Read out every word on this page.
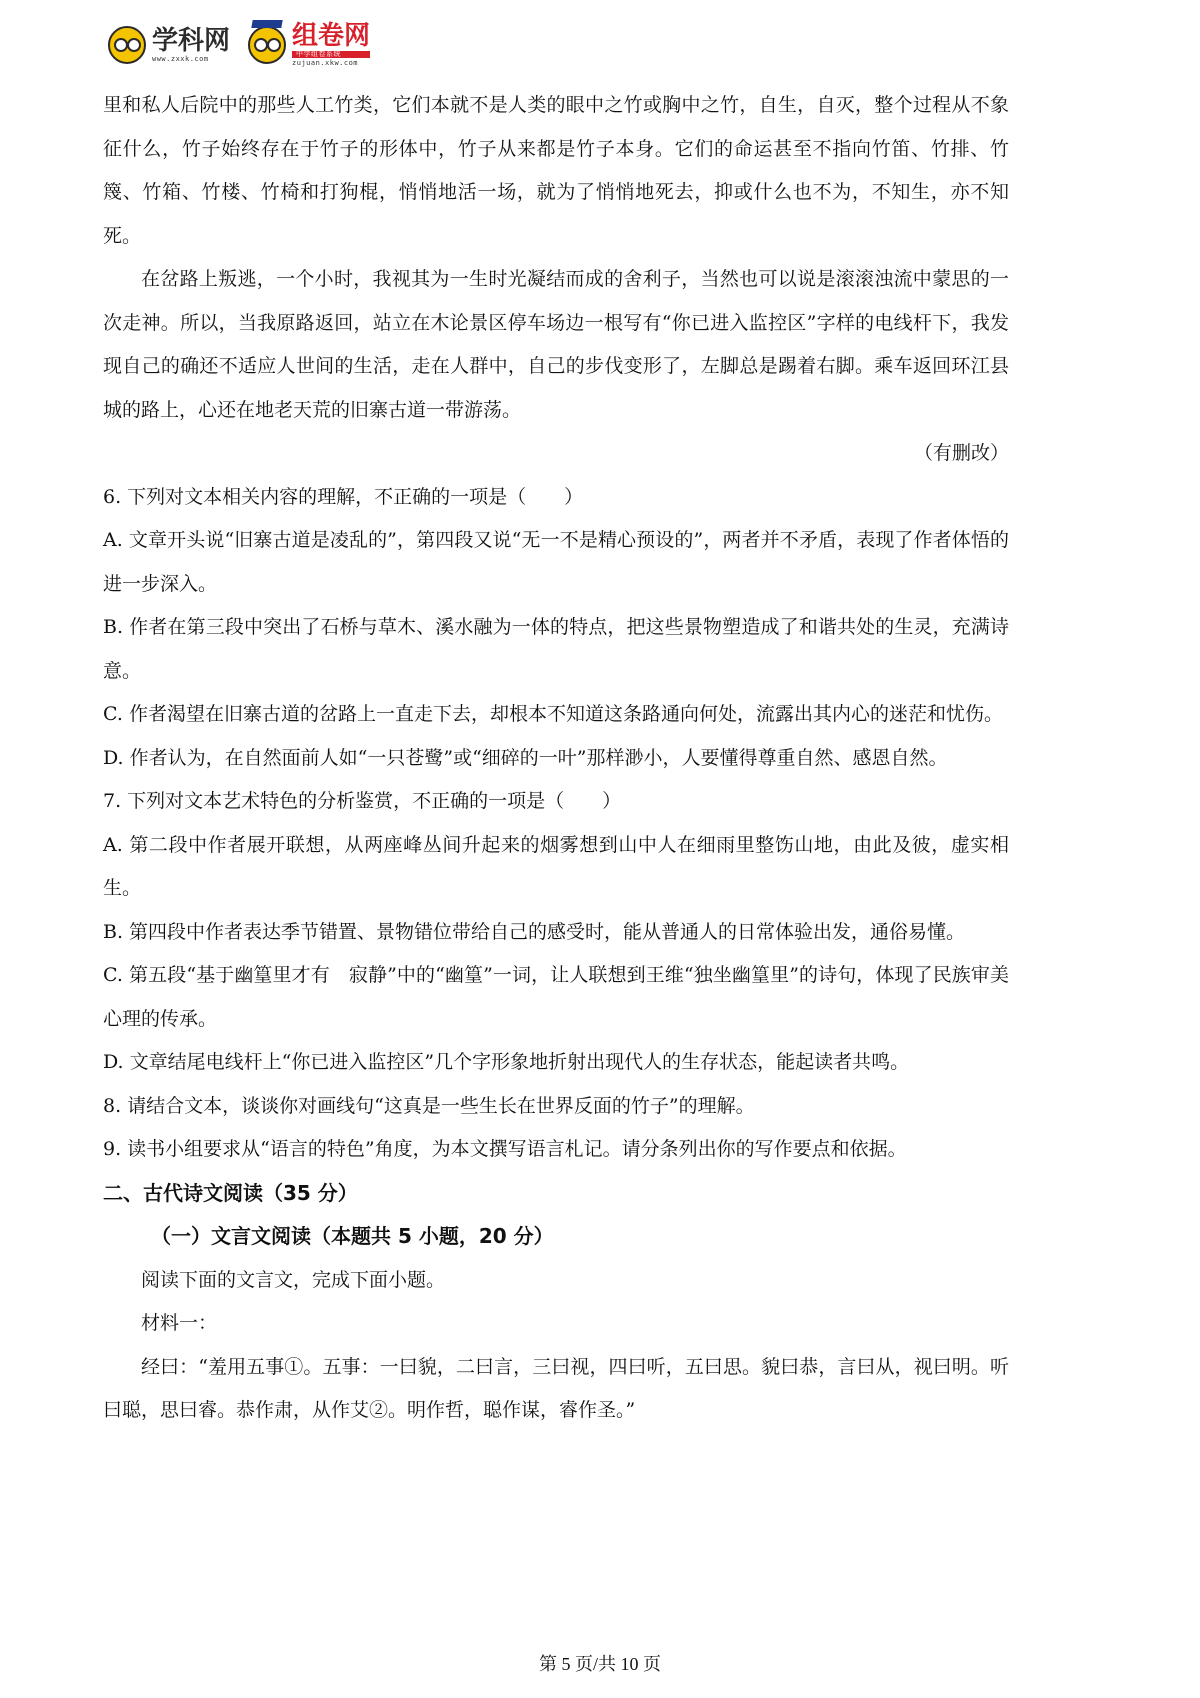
学科网
www.zxxk.com
组卷网
中学组卷系统
zujuan.xkw.com

里和私人后院中的那些人工竹类，它们本就不是人类的眼中之竹或胸中之竹，自生，自灭，整个过程从不象征什么，竹子始终存在于竹子的形体中，竹子从来都是竹子本身。它们的命运甚至不指向竹笛、竹排、竹篾、竹箱、竹楼、竹椅和打狗棍，悄悄地活一场，就为了悄悄地死去，抑或什么也不为，不知生，亦不知死。

在岔路上叛逃，一个小时，我视其为一生时光凝结而成的舍利子，当然也可以说是滚滚浊流中蒙思的一次走神。所以，当我原路返回，站立在木论景区停车场边一根写有“你已进入监控区”字样的电线杆下，我发现自己的确还不适应人世间的生活，走在人群中，自己的步伐变形了，左脚总是踢着右脚。乘车返回环江县城的路上，心还在地老天荒的旧寨古道一带游荡。

（有删改）

6. 下列对文本相关内容的理解，不正确的一项是（　　）

A. 文章开头说“旧寨古道是凌乱的”，第四段又说“无一不是精心预设的”，两者并不矛盾，表现了作者体悟的进一步深入。

B. 作者在第三段中突出了石桥与草木、溪水融为一体的特点，把这些景物塑造成了和谐共处的生灵，充满诗意。

C. 作者渴望在旧寨古道的岔路上一直走下去，却根本不知道这条路通向何处，流露出其内心的迷茫和忧伤。

D. 作者认为，在自然面前人如“一只苍鹭”或“细碎的一叶”那样渺小，人要懂得尊重自然、感恩自然。

7. 下列对文本艺术特色的分析鉴赏，不正确的一项是（　　）

A. 第二段中作者展开联想，从两座峰丛间升起来的烟雾想到山中人在细雨里整饬山地，由此及彼，虚实相生。

B. 第四段中作者表达季节错置、景物错位带给自己的感受时，能从普通人的日常体验出发，通俗易懂。

C. 第五段“基于幽篁里才有　寂静”中的“幽篁”一词，让人联想到王维“独坐幽篁里”的诗句，体现了民族审美心理的传承。

D. 文章结尾电线杆上“你已进入监控区”几个字形象地折射出现代人的生存状态，能起读者共鸣。

8. 请结合文本，谈谈你对画线句“这真是一些生长在世界反面的竹子”的理解。

9. 读书小组要求从“语言的特色”角度，为本文撰写语言札记。请分条列出你的写作要点和依据。

二、古代诗文阅读（35 分）
（一）文言文阅读（本题共 5 小题，20 分）

阅读下面的文言文，完成下面小题。

材料一：

经曰：“羞用五事①。五事：一曰貌，二曰言，三曰视，四曰听，五曰思。貌曰恭，言曰从，视曰明。听曰聪，思曰睿。恭作肃，从作艾②。明作哲，聪作谋，睿作圣。”

第 5 页/共 10 页
